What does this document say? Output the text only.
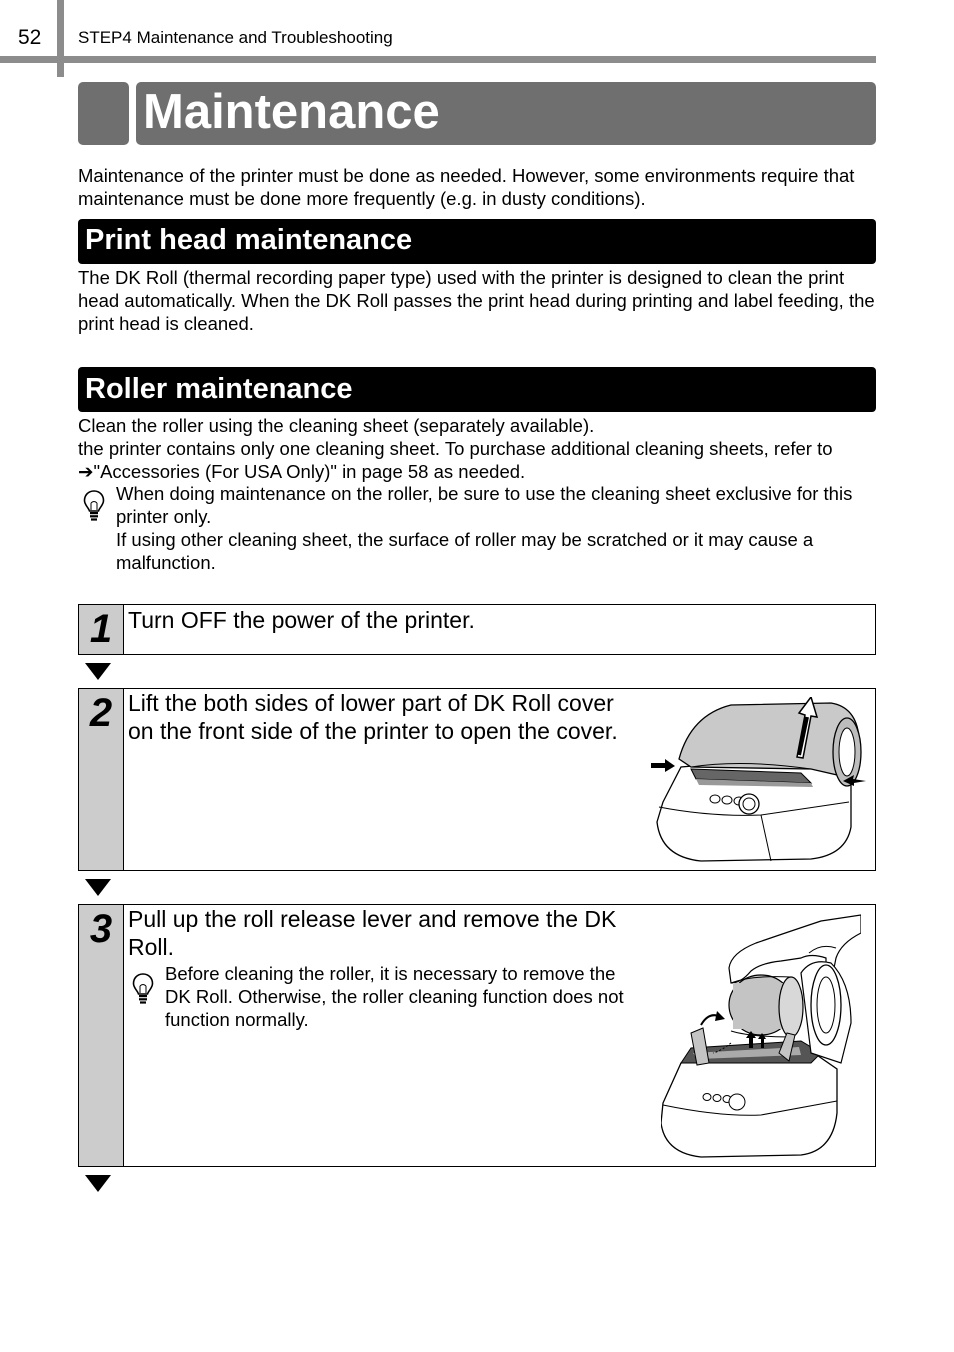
52 STEP4 Maintenance and Troubleshooting
Maintenance
Maintenance of the printer must be done as needed. However, some environments require that maintenance must be done more frequently (e.g. in dusty conditions).
Print head maintenance
The DK Roll (thermal recording paper type) used with the printer is designed to clean the print head automatically. When the DK Roll passes the print head during printing and label feeding, the print head is cleaned.
Roller maintenance
Clean the roller using the cleaning sheet (separately available).
the printer contains only one cleaning sheet. To purchase additional cleaning sheets, refer to ➔"Accessories (For USA Only)" in page 58 as needed.
When doing maintenance on the roller, be sure to use the cleaning sheet exclusive for this printer only.
If using other cleaning sheet, the surface of roller may be scratched or it may cause a malfunction.
1 Turn OFF the power of the printer.
2 Lift the both sides of lower part of DK Roll cover on the front side of the printer to open the cover.
3 Pull up the roll release lever and remove the DK Roll.
Before cleaning the roller, it is necessary to remove the DK Roll. Otherwise, the roller cleaning function does not function normally.
